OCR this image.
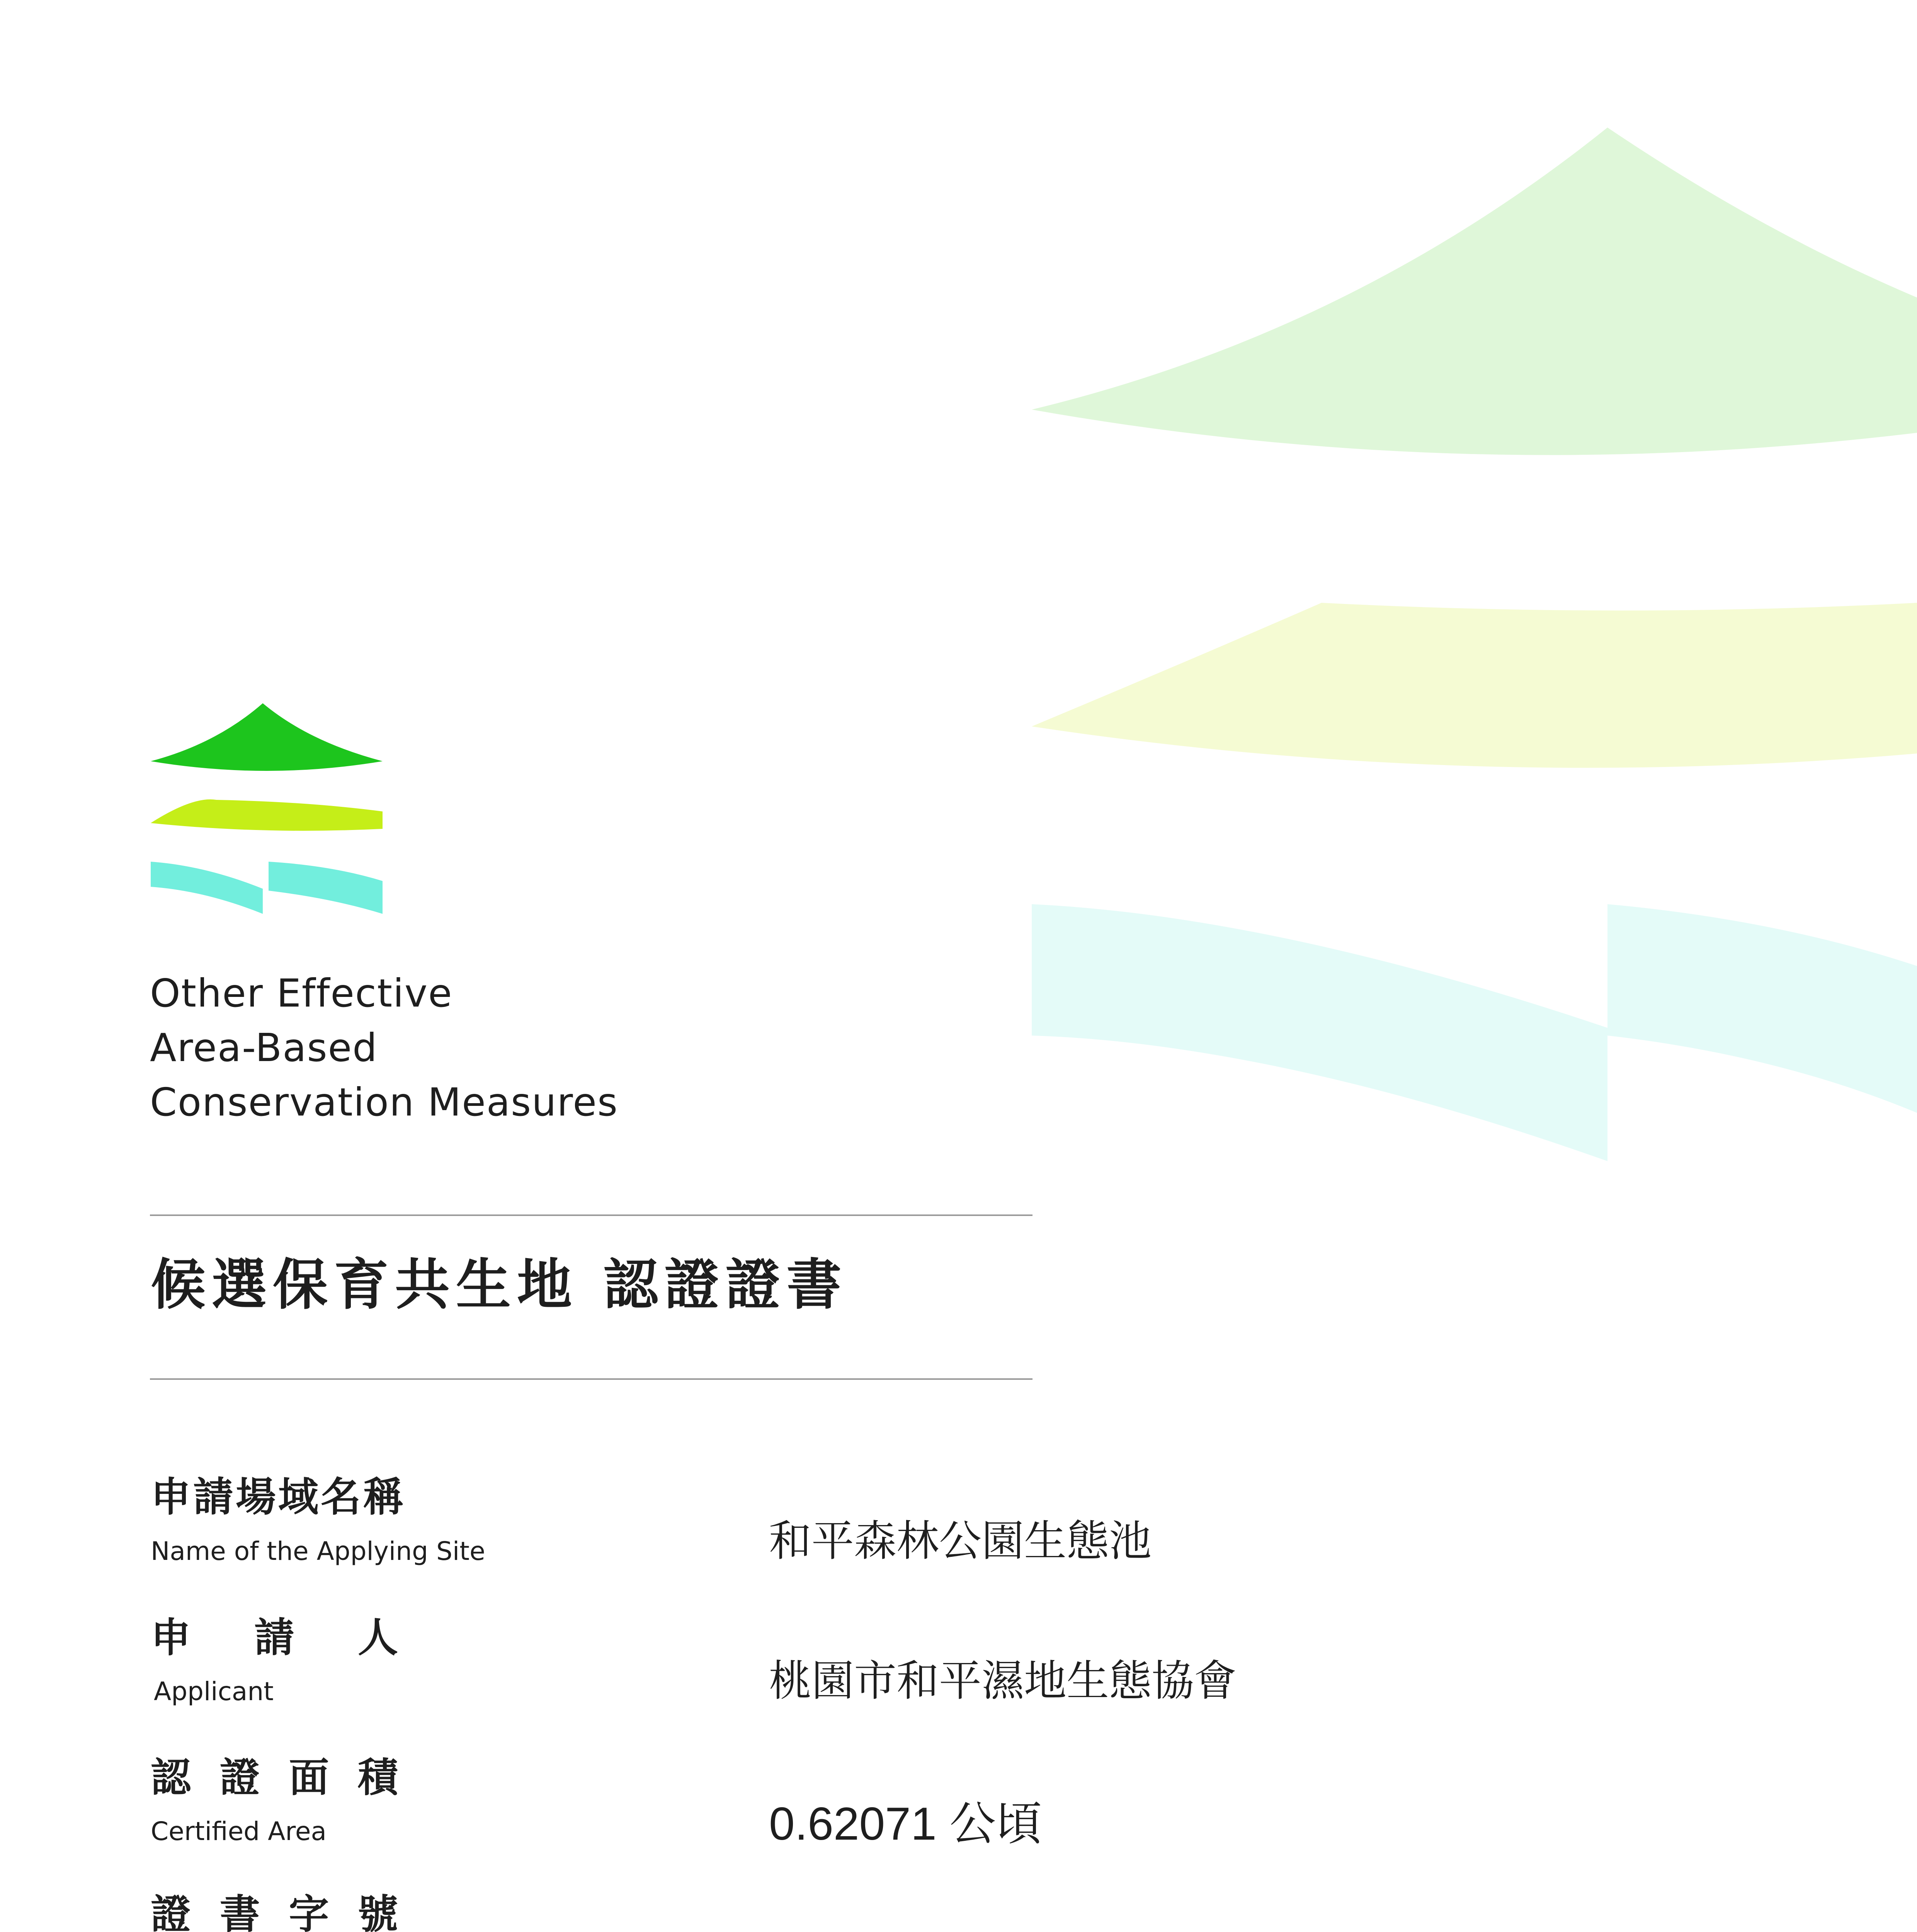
Other Effective
Area-Based
Conservation Measures
候選保育共生地 認證證書
申請場域名稱
Name of the Applying Site	和平森林公園生態池
申 請 人
Applicant	桃園市和平濕地生態協會
認 證 面 積
Certified Area	0.62071 公頃
證 書 字 號
